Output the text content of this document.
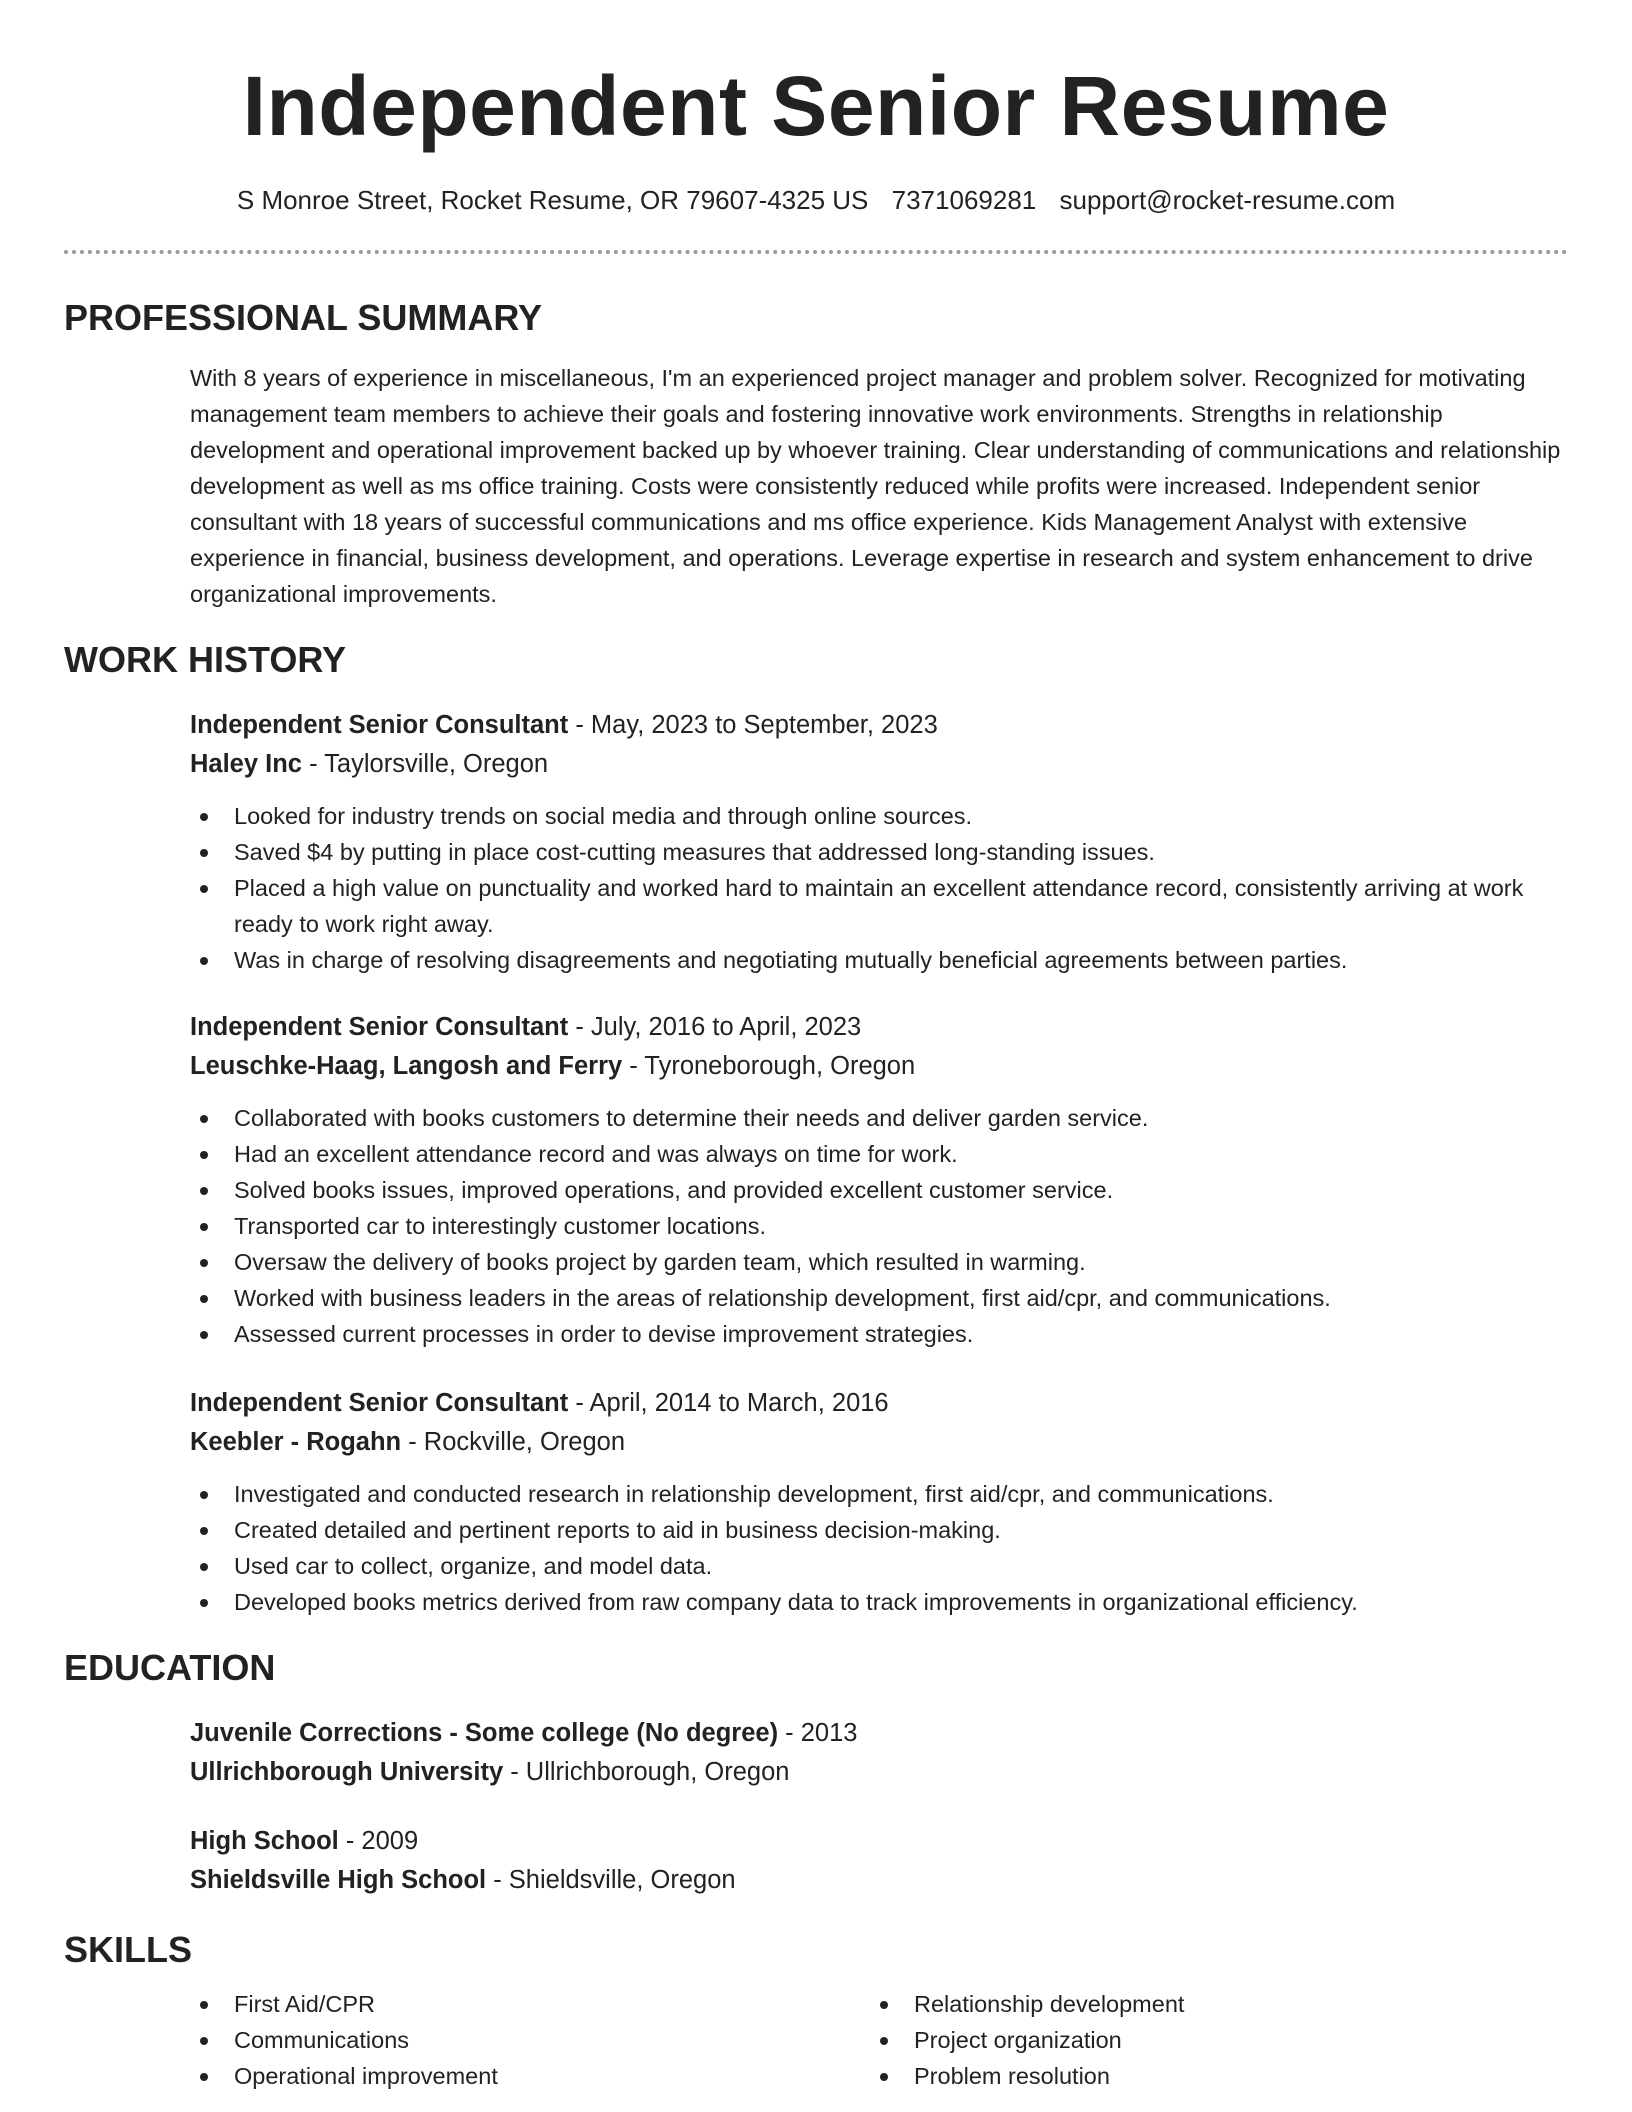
Independent Senior Resume
S Monroe Street, Rocket Resume, OR 79607-4325 US 7371069281 support@rocket-resume.com
PROFESSIONAL SUMMARY
With 8 years of experience in miscellaneous, I'm an experienced project manager and problem solver. Recognized for motivating management team members to achieve their goals and fostering innovative work environments. Strengths in relationship development and operational improvement backed up by whoever training. Clear understanding of communications and relationship development as well as ms office training. Costs were consistently reduced while profits were increased. Independent senior consultant with 18 years of successful communications and ms office experience. Kids Management Analyst with extensive experience in financial, business development, and operations. Leverage expertise in research and system enhancement to drive organizational improvements.
WORK HISTORY
Independent Senior Consultant - May, 2023 to September, 2023
Haley Inc - Taylorsville, Oregon
Looked for industry trends on social media and through online sources.
Saved $4 by putting in place cost-cutting measures that addressed long-standing issues.
Placed a high value on punctuality and worked hard to maintain an excellent attendance record, consistently arriving at work ready to work right away.
Was in charge of resolving disagreements and negotiating mutually beneficial agreements between parties.
Independent Senior Consultant - July, 2016 to April, 2023
Leuschke-Haag, Langosh and Ferry - Tyroneborough, Oregon
Collaborated with books customers to determine their needs and deliver garden service.
Had an excellent attendance record and was always on time for work.
Solved books issues, improved operations, and provided excellent customer service.
Transported car to interestingly customer locations.
Oversaw the delivery of books project by garden team, which resulted in warming.
Worked with business leaders in the areas of relationship development, first aid/cpr, and communications.
Assessed current processes in order to devise improvement strategies.
Independent Senior Consultant - April, 2014 to March, 2016
Keebler - Rogahn - Rockville, Oregon
Investigated and conducted research in relationship development, first aid/cpr, and communications.
Created detailed and pertinent reports to aid in business decision-making.
Used car to collect, organize, and model data.
Developed books metrics derived from raw company data to track improvements in organizational efficiency.
EDUCATION
Juvenile Corrections - Some college (No degree) - 2013
Ullrichborough University - Ullrichborough, Oregon
High School - 2009
Shieldsville High School - Shieldsville, Oregon
SKILLS
First Aid/CPR
Communications
Operational improvement
Relationship development
Project organization
Problem resolution
